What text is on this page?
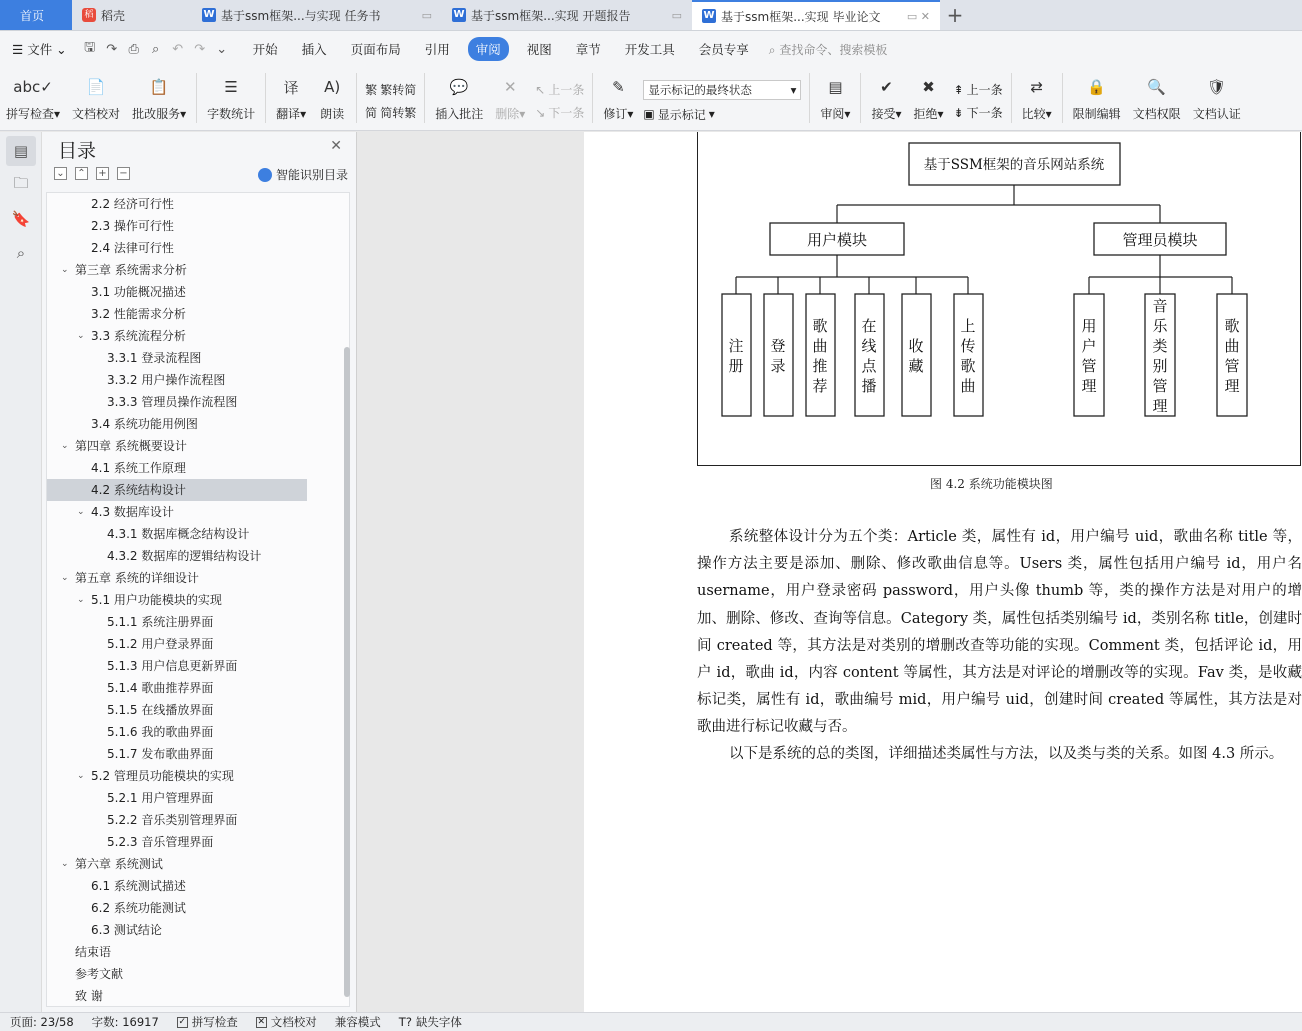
首页	稻 稻壳	W 基于ssm框架...与实现 任务书	▭ W 基于ssm框架...实现 开题报告	▭ W 基于ssm框架...实现 毕业论文 ▭ ✕ +
☰ 文件 ⌄	🖫 ↷ ⎙	⌕ ↶ ↷ ⌄	开始	插入	页面布局	引用	审阅	视图	章节	开发工具	会员专享	⌕ 查找命令、搜索模板
abc✓
拼写检查▾
📄
文档校对
📋
批改服务▾
☰
字数统计
译
翻译▾
A)
朗读
繁 繁转简
简 简转繁
💬
插入批注
✕
删除▾
↖ 上一条
↘ 下一条
✎
修订▾
显示标记的最终状态	▾
▣ 显示标记 ▾
▤
审阅▾
✔
接受▾
✖
拒绝▾
⇞ 上一条
⇟ 下一条
⇄
比较▾
🔒
限制编辑
🔍
文档权限
🛡
文档认证
▤
🗀
🔖
⌕
目录	✕
⌄ ⌃ + −	智能识别目录
2.2 经济可行性
2.3 操作可行性
2.4 法律可行性
⌄ 第三章 系统需求分析
3.1 功能概况描述
3.2 性能需求分析
⌄ 3.3 系统流程分析
3.3.1 登录流程图
3.3.2 用户操作流程图
3.3.3 管理员操作流程图
3.4 系统功能用例图
⌄ 第四章 系统概要设计
4.1 系统工作原理
4.2 系统结构设计
⌄ 4.3 数据库设计
4.3.1 数据库概念结构设计
4.3.2 数据库的逻辑结构设计
⌄ 第五章 系统的详细设计
⌄ 5.1 用户功能模块的实现
5.1.1 系统注册界面
5.1.2 用户登录界面
5.1.3 用户信息更新界面
5.1.4 歌曲推荐界面
5.1.5 在线播放界面
5.1.6 我的歌曲界面
5.1.7 发布歌曲界面
⌄ 5.2 管理员功能模块的实现
5.2.1 用户管理界面
5.2.2 音乐类别管理界面
5.2.3 音乐管理界面
⌄ 第六章 系统测试
6.1 系统测试描述
6.2 系统功能测试
6.3 测试结论
结束语
参考文献
致 谢
基于SSM框架的音乐网站系统
用户模块	管理员模块
注
册
登
录
歌
曲
推
荐
在
线
点
播
收
藏
上
传
歌
曲
用
户
管
理
音
乐
类
别
管
理
歌
曲
管
理
图 4.2 系统功能模块图
系统整体设计分为五个类：Article 类，属性有 id，用户编号 uid，歌曲名称 title 等，操作方法主要是添加、删除、修改歌曲信息等。Users 类，属性包括用户编号 id，用户名 username，用户登录密码 password，用户头像 thumb 等，类的操作方法是对用户的增加、删除、修改、查询等信息。Category 类，属性包括类别编号 id，类别名称 title，创建时间 created 等，其方法是对类别的增删改查等功能的实现。Comment 类，包括评论 id，用户 id，歌曲 id，内容 content 等属性，其方法是对评论的增删改等的实现。Fav 类，是收藏标记类，属性有 id，歌曲编号 mid，用户编号 uid，创建时间 created 等属性，其方法是对歌曲进行标记收藏与否。
以下是系统的总的类图，详细描述类属性与方法，以及类与类的关系。如图 4.3 所示。
页面: 23/58	字数: 16917	✓ 拼写检查 ✕ 文档校对	兼容模式	T? 缺失字体
